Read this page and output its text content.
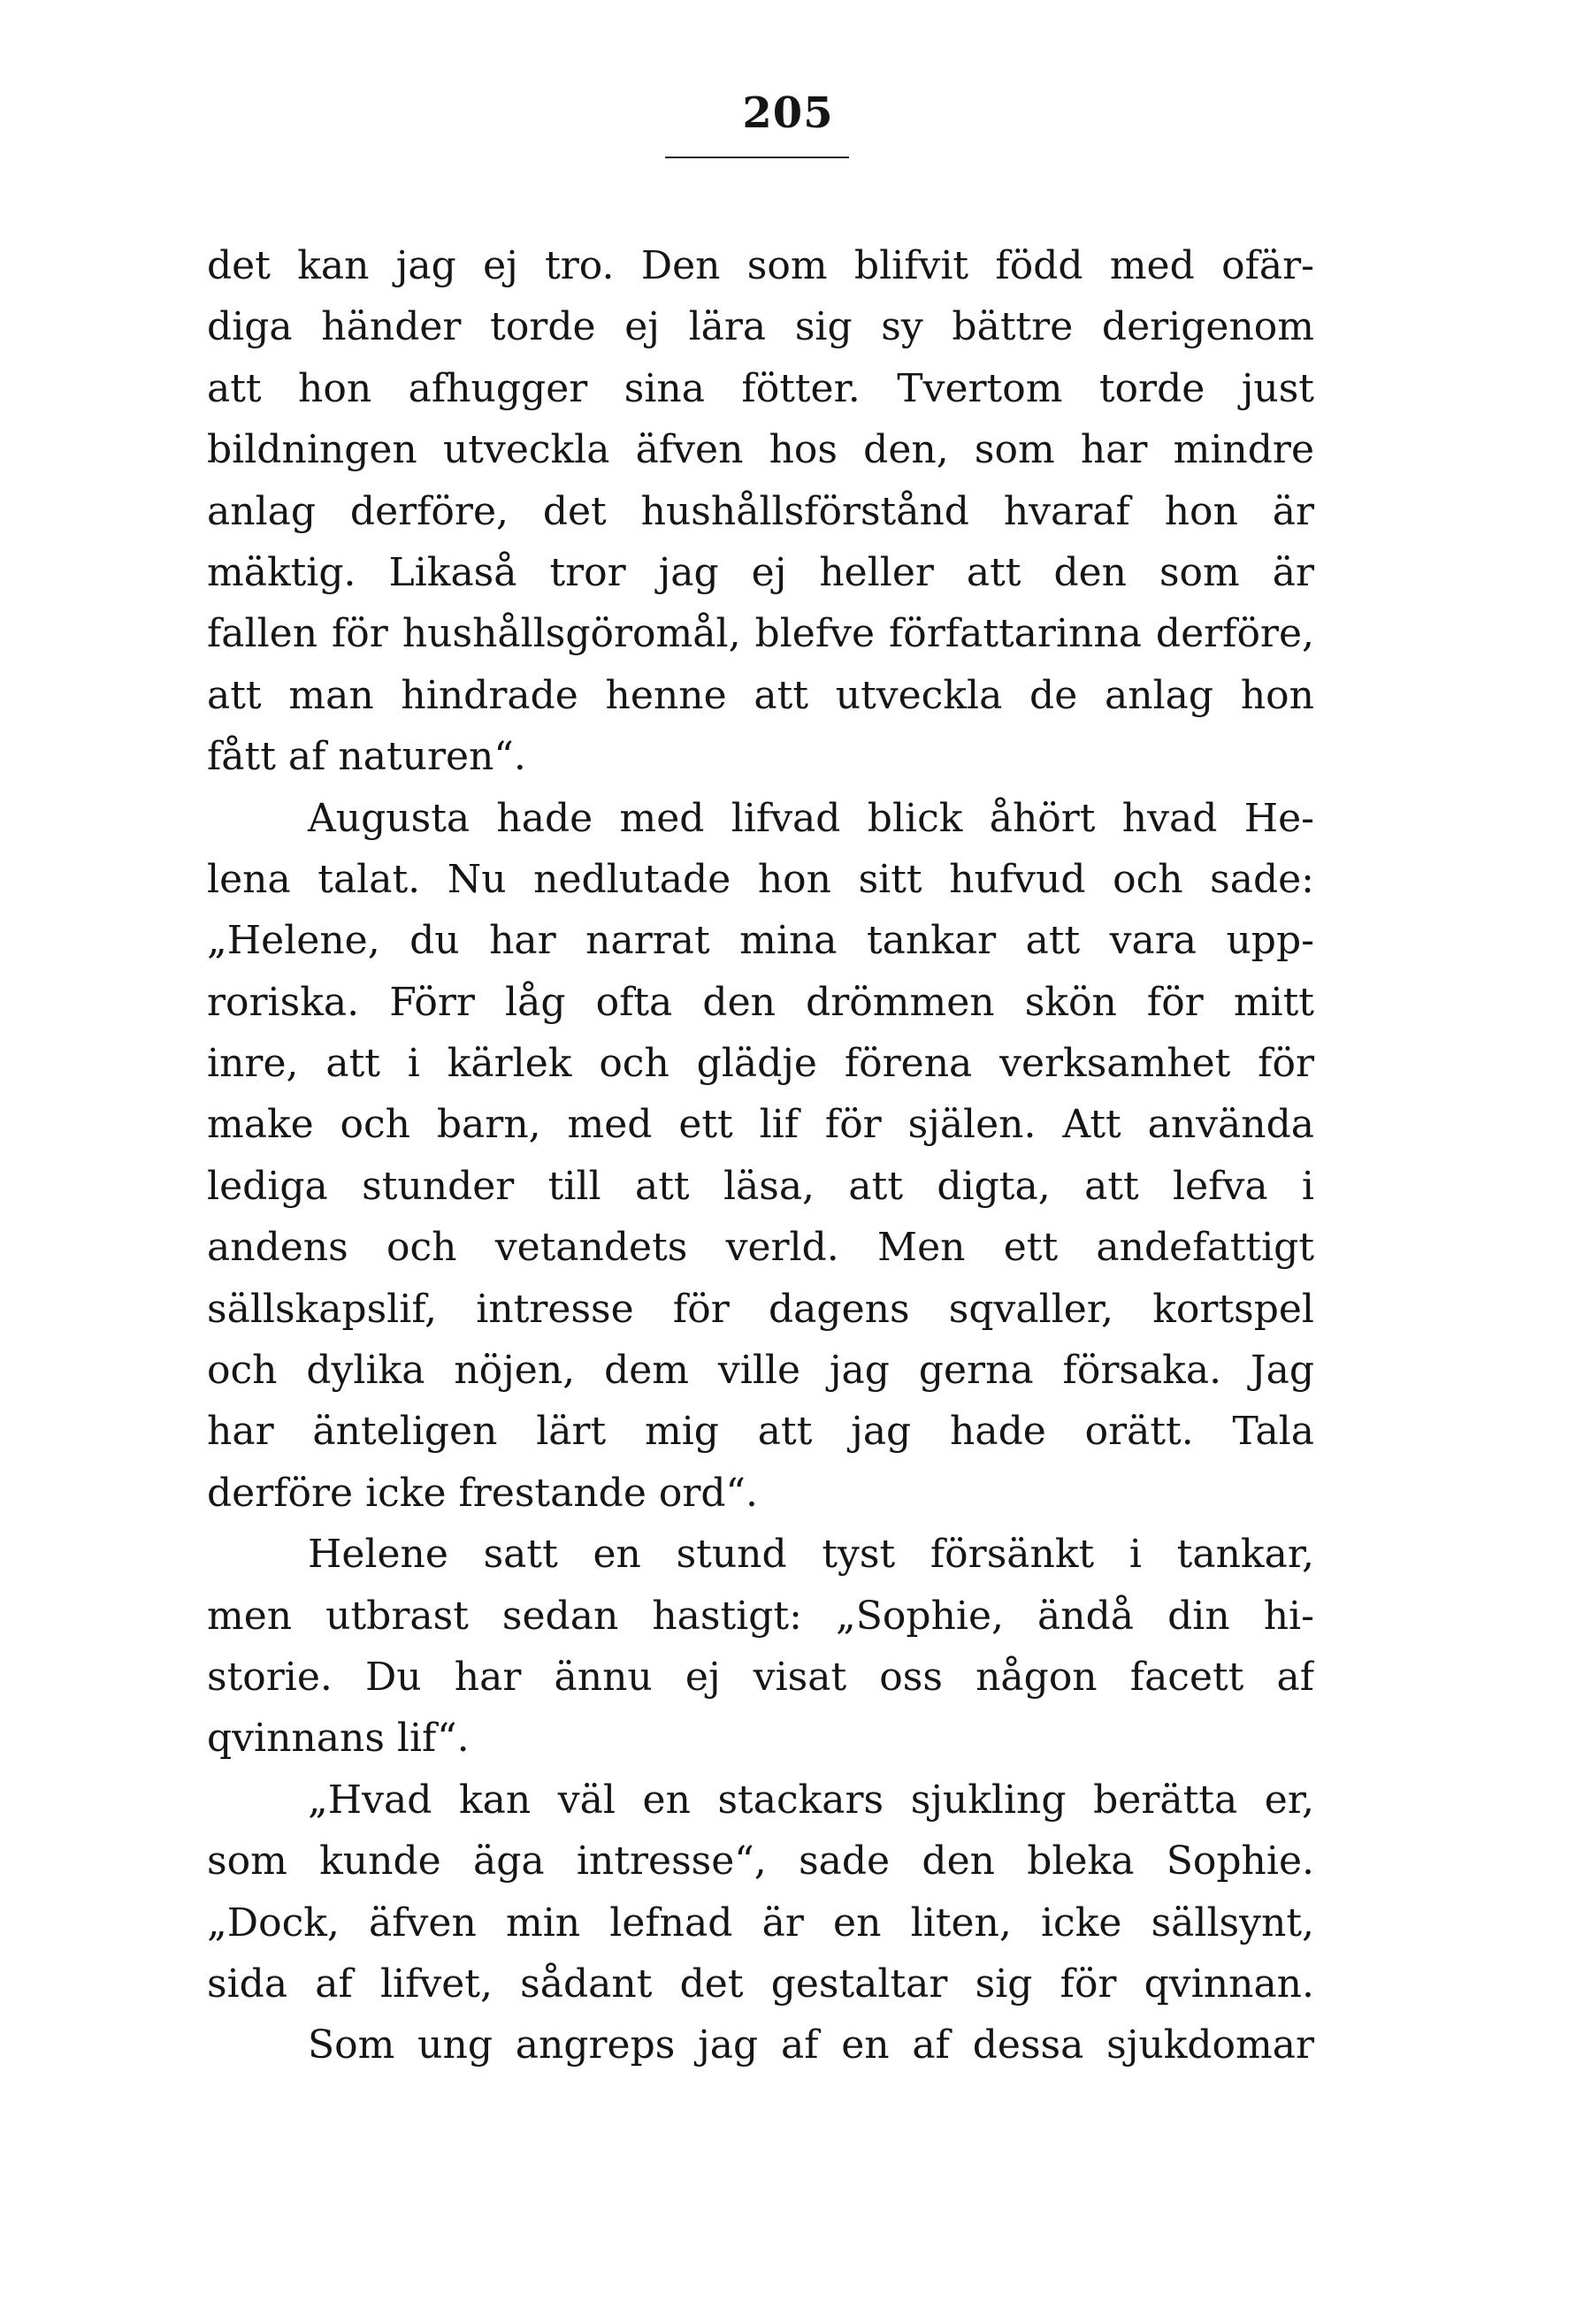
205
det kan jag ej tro. Den som blifvit född med ofär-
diga händer torde ej lära sig sy bättre derigenom
att hon afhugger sina fötter. Tvertom torde just
bildningen utveckla äfven hos den, som har mindre
anlag derföre, det hushållsförstånd hvaraf hon är
mäktig. Likaså tror jag ej heller att den som är
fallen för hushållsgöromål, blefve författarinna derföre,
att man hindrade henne att utveckla de anlag hon
fått af naturen“.
Augusta hade med lifvad blick åhört hvad He-
lena talat. Nu nedlutade hon sitt hufvud och sade:
„Helene, du har narrat mina tankar att vara upp-
roriska. Förr låg ofta den drömmen skön för mitt
inre, att i kärlek och glädje förena verksamhet för
make och barn, med ett lif för själen. Att använda
lediga stunder till att läsa, att digta, att lefva i
andens och vetandets verld. Men ett andefattigt
sällskapslif, intresse för dagens sqvaller, kortspel
och dylika nöjen, dem ville jag gerna försaka. Jag
har änteligen lärt mig att jag hade orätt. Tala
derföre icke frestande ord“.
Helene satt en stund tyst försänkt i tankar,
men utbrast sedan hastigt: „Sophie, ändå din hi-
storie. Du har ännu ej visat oss någon facett af
qvinnans lif“.
„Hvad kan väl en stackars sjukling berätta er,
som kunde äga intresse“, sade den bleka Sophie.
„Dock, äfven min lefnad är en liten, icke sällsynt,
sida af lifvet, sådant det gestaltar sig för qvinnan.
Som ung angreps jag af en af dessa sjukdomar
